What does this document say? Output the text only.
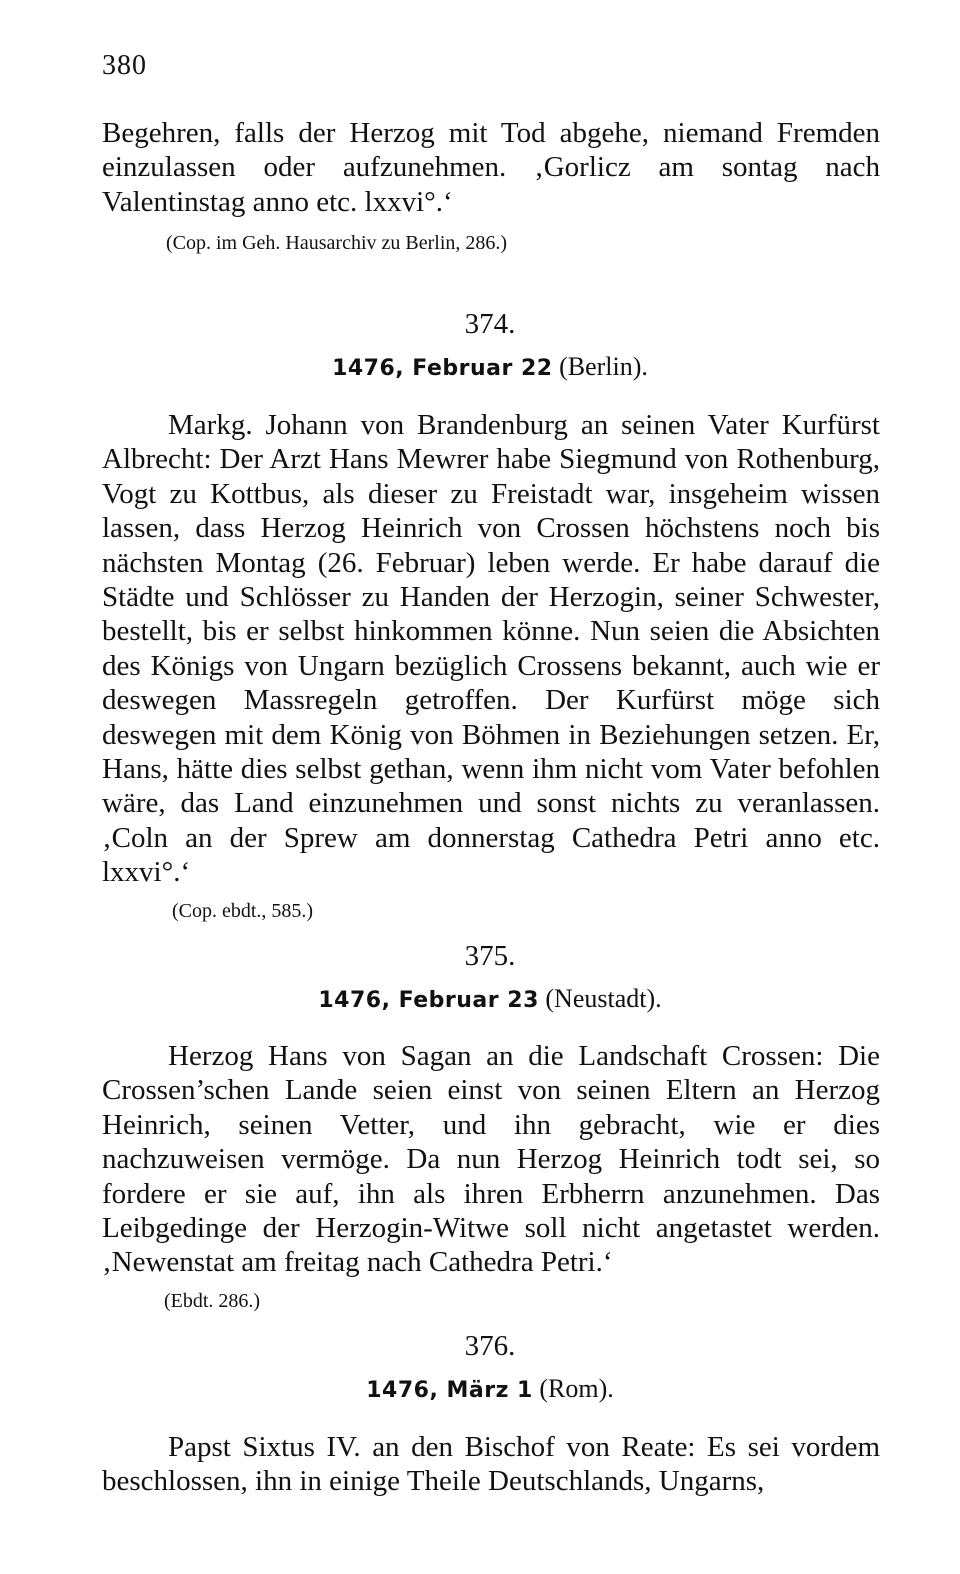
380
Begehren, falls der Herzog mit Tod abgehe, niemand Fremden einzulassen oder aufzunehmen. ‚Gorlicz am sontag nach Valentinstag anno etc. lxxvi°.‘
(Cop. im Geh. Hausarchiv zu Berlin, 286.)
374.
1476, Februar 22 (Berlin).
Markg. Johann von Brandenburg an seinen Vater Kurfürst Albrecht: Der Arzt Hans Mewrer habe Siegmund von Rothenburg, Vogt zu Kottbus, als dieser zu Freistadt war, insgeheim wissen lassen, dass Herzog Heinrich von Crossen höchstens noch bis nächsten Montag (26. Februar) leben werde. Er habe darauf die Städte und Schlösser zu Handen der Herzogin, seiner Schwester, bestellt, bis er selbst hinkommen könne. Nun seien die Absichten des Königs von Ungarn bezüglich Crossens bekannt, auch wie er deswegen Massregeln getroffen. Der Kurfürst möge sich deswegen mit dem König von Böhmen in Beziehungen setzen. Er, Hans, hätte dies selbst gethan, wenn ihm nicht vom Vater befohlen wäre, das Land einzunehmen und sonst nichts zu veranlassen. ‚Coln an der Sprew am donnerstag Cathedra Petri anno etc. lxxvi°.‘
(Cop. ebdt., 585.)
375.
1476, Februar 23 (Neustadt).
Herzog Hans von Sagan an die Landschaft Crossen: Die Crossen’schen Lande seien einst von seinen Eltern an Herzog Heinrich, seinen Vetter, und ihn gebracht, wie er dies nachzuweisen vermöge. Da nun Herzog Heinrich todt sei, so fordere er sie auf, ihn als ihren Erbherrn anzunehmen. Das Leibgedinge der Herzogin-Witwe soll nicht angetastet werden. ‚Newenstat am freitag nach Cathedra Petri.‘
(Ebdt. 286.)
376.
1476, März 1 (Rom).
Papst Sixtus IV. an den Bischof von Reate: Es sei vordem beschlossen, ihn in einige Theile Deutschlands, Ungarns,
